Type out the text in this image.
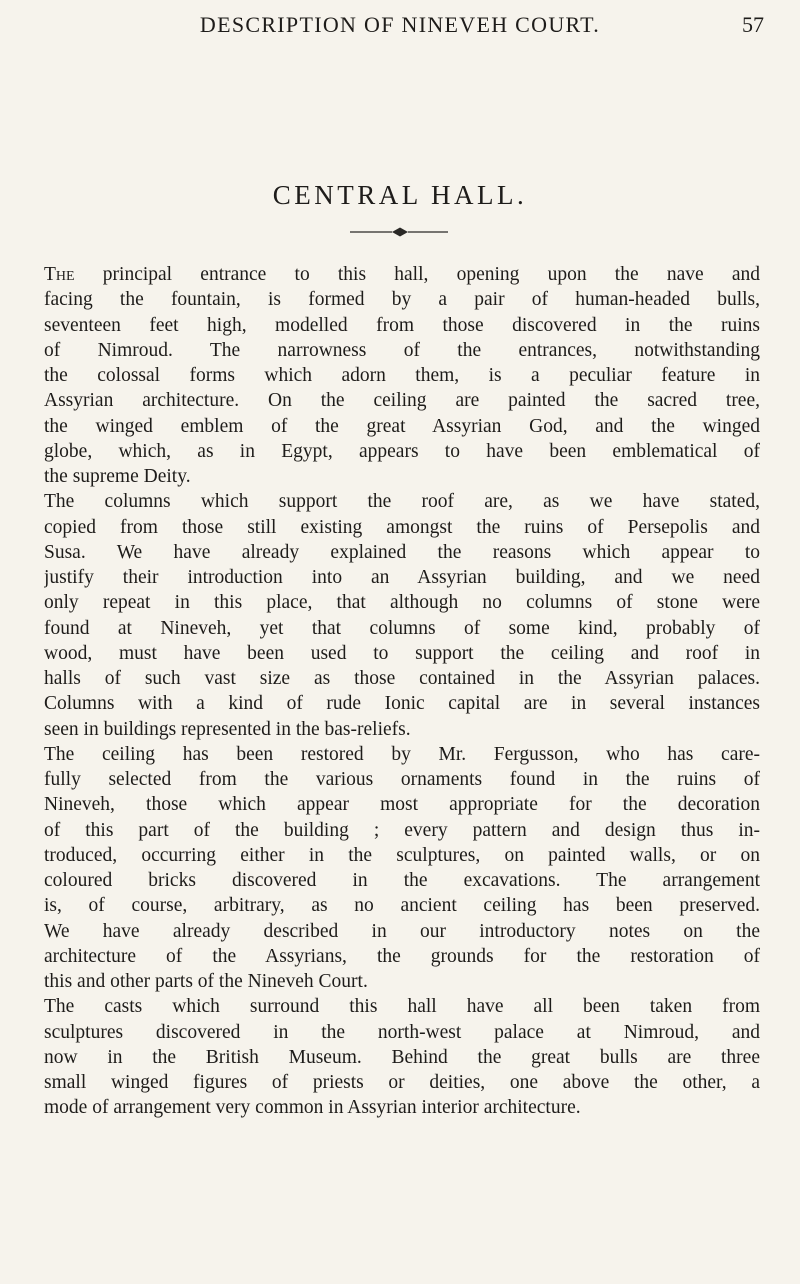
DESCRIPTION OF NINEVEH COURT.	57
CENTRAL HALL.
The principal entrance to this hall, opening upon the nave and
facing the fountain, is formed by a pair of human-headed bulls,
seventeen feet high, modelled from those discovered in the ruins
of Nimroud. The narrowness of the entrances, notwithstanding
the colossal forms which adorn them, is a peculiar feature in
Assyrian architecture. On the ceiling are painted the sacred tree,
the winged emblem of the great Assyrian God, and the winged
globe, which, as in Egypt, appears to have been emblematical of
the supreme Deity.
The columns which support the roof are, as we have stated,
copied from those still existing amongst the ruins of Persepolis and
Susa. We have already explained the reasons which appear to
justify their introduction into an Assyrian building, and we need
only repeat in this place, that although no columns of stone were
found at Nineveh, yet that columns of some kind, probably of
wood, must have been used to support the ceiling and roof in
halls of such vast size as those contained in the Assyrian palaces.
Columns with a kind of rude Ionic capital are in several instances
seen in buildings represented in the bas-reliefs.
The ceiling has been restored by Mr. Fergusson, who has care-
fully selected from the various ornaments found in the ruins of
Nineveh, those which appear most appropriate for the decoration
of this part of the building ; every pattern and design thus in-
troduced, occurring either in the sculptures, on painted walls, or on
coloured bricks discovered in the excavations. The arrangement
is, of course, arbitrary, as no ancient ceiling has been preserved.
We have already described in our introductory notes on the
architecture of the Assyrians, the grounds for the restoration of
this and other parts of the Nineveh Court.
The casts which surround this hall have all been taken from
sculptures discovered in the north-west palace at Nimroud, and
now in the British Museum. Behind the great bulls are three
small winged figures of priests or deities, one above the other, a
mode of arrangement very common in Assyrian interior architecture.
